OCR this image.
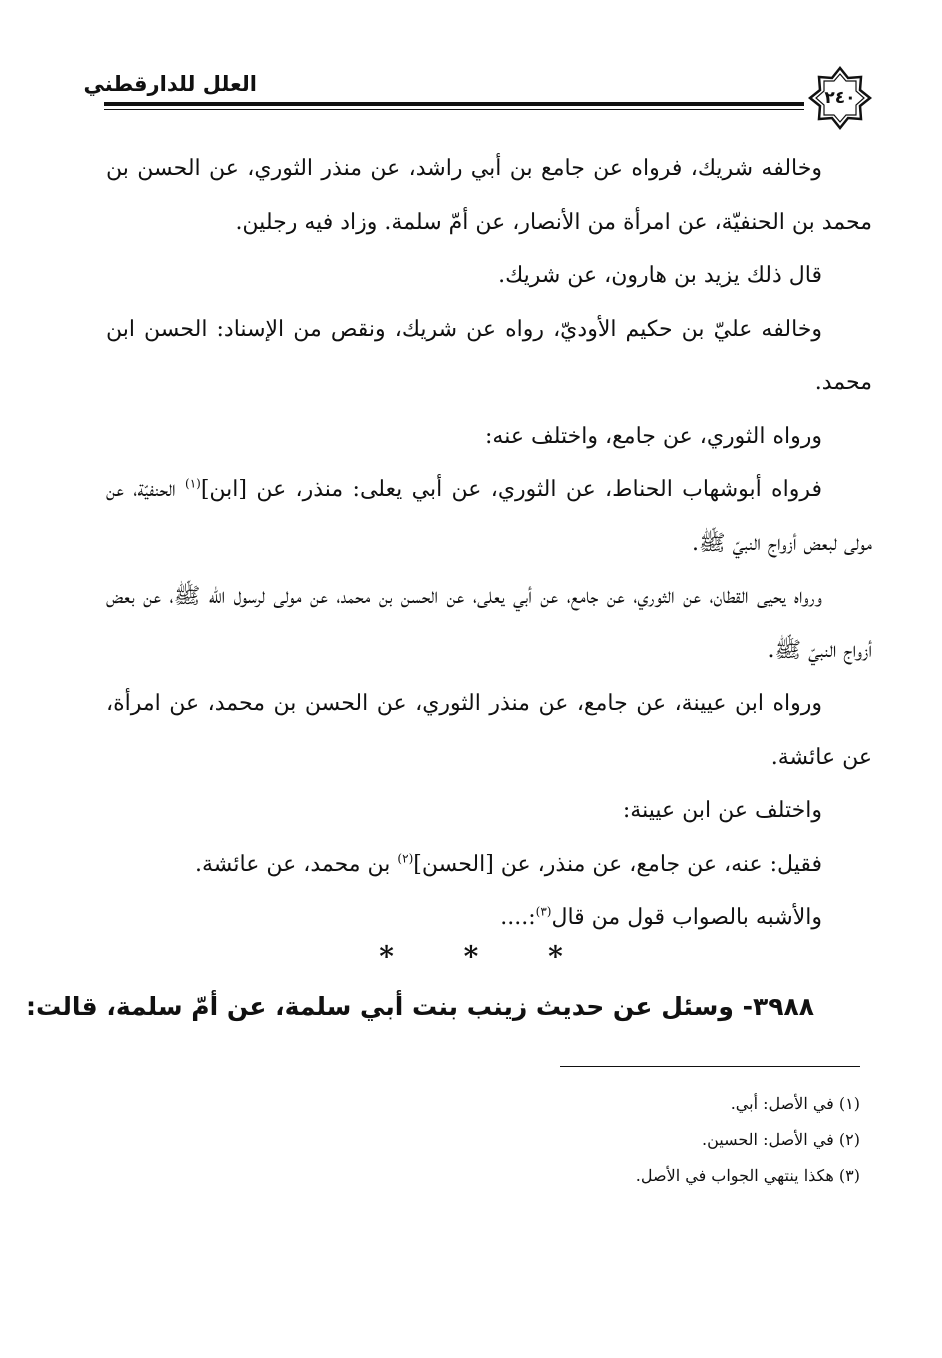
٢٤٠
العلل للدارقطني

وخالفه شريك، فرواه عن جامع بن أبي راشد، عن منذر الثوري، عن الحسن بن محمد بن الحنفيّة، عن امرأة من الأنصار، عن أمّ سلمة. وزاد فيه رجلين.

قال ذلك يزيد بن هارون، عن شريك.

وخالفه عليّ بن حكيم الأوديّ، رواه عن شريك، ونقص من الإسناد: الحسن ابن محمد.

ورواه الثوري، عن جامع، واختلف عنه:

فرواه أبوشهاب الحناط، عن الثوري، عن أبي يعلى: منذر، عن [ابن]$^{(١)}$ الحنفيّة، عن مولى لبعض أزواج النبيّ ﷺ.

ورواه يحيى القطان، عن الثوري، عن جامع، عن أبي يعلى، عن الحسن بن محمد، عن مولى لرسول الله ﷺ، عن بعض أزواج النبيّ ﷺ.

ورواه ابن عيينة، عن جامع، عن منذر الثوري، عن الحسن بن محمد، عن امرأة، عن عائشة.

واختلف عن ابن عيينة:

فقيل: عنه، عن جامع، عن منذر، عن [الحسن]$^{(٢)}$ بن محمد، عن عائشة.

والأشبه بالصواب قول من قال$^{(٣)}$:....

* * *
٣٩٨٨- وسئل عن حديث زينب بنت أبي سلمة، عن أمّ سلمة، قالت:
(١) في الأصل: أبي.
(٢) في الأصل: الحسين.
(٣) هكذا ينتهي الجواب في الأصل.
